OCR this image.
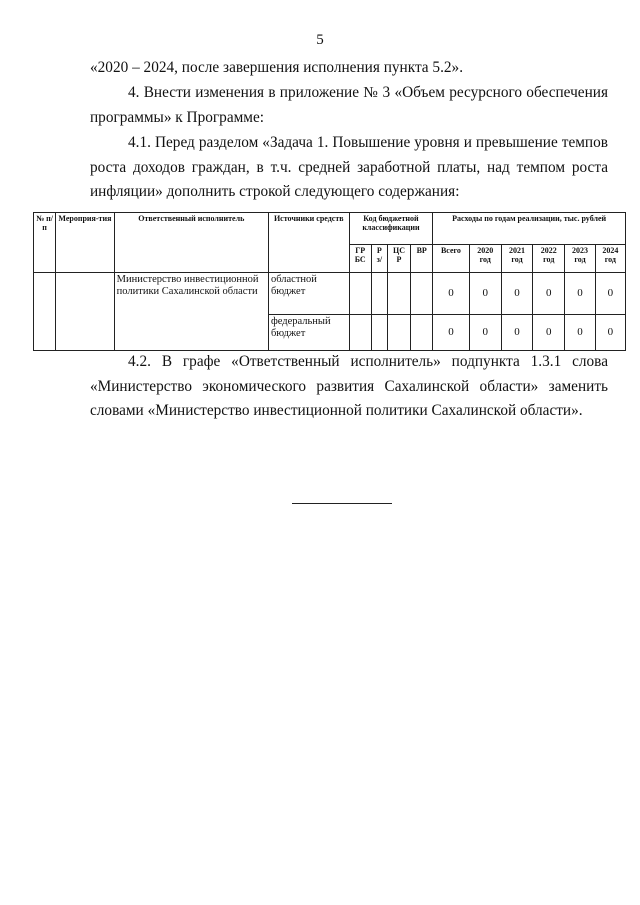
5
«2020 – 2024, после завершения исполнения пункта 5.2».
4. Внести изменения в приложение № 3 «Объем ресурсного обеспечения программы» к Программе:
4.1. Перед разделом «Задача 1. Повышение уровня и превышение темпов роста доходов граждан, в т.ч. средней заработной платы, над темпом роста инфляции» дополнить строкой следующего содержания:
№ п/п	Мероприя-тия	Ответственный исполнитель	Источники средств	Код бюджетной классификации				Расходы по годам реализации, тыс. рублей					
				ГР БС	Р з/	ЦС Р	ВР	Всего	2020 год	2021 год	2022 год	2023 год	2024 год
		Министерство инвестиционной политики Сахалинской области	областной бюджет					0	0	0	0	0	0
			федеральный бюджет					0	0	0	0	0	0
4.2. В графе «Ответственный исполнитель» подпункта 1.3.1 слова «Министерство экономического развития Сахалинской области» заменить словами «Министерство инвестиционной политики Сахалинской области».
